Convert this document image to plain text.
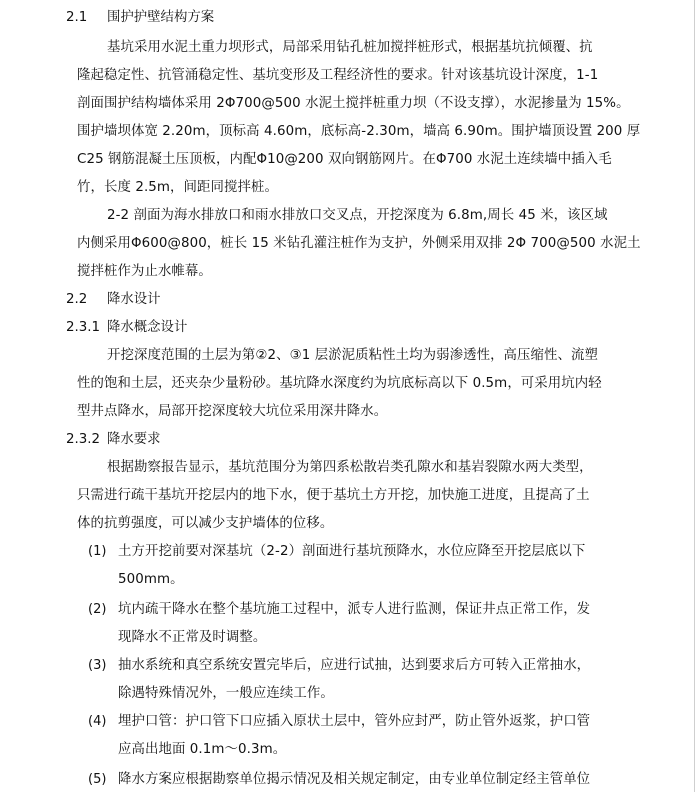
2.1 围护护壁结构方案
基坑采用水泥土重力坝形式，局部采用钻孔桩加搅拌桩形式，根据基坑抗倾覆、抗
隆起稳定性、抗管涌稳定性、基坑变形及工程经济性的要求。针对该基坑设计深度，1-1
剖面围护结构墙体采用 2Φ700@500 水泥土搅拌桩重力坝（不设支撑），水泥掺量为 15%。
围护墙坝体宽 2.20m，顶标高 4.60m，底标高-2.30m，墙高 6.90m。围护墙顶设置 200 厚
C25 钢筋混凝土压顶板，内配Φ10@200 双向钢筋网片。在Φ700 水泥土连续墙中插入毛
竹，长度 2.5m，间距同搅拌桩。
2-2 剖面为海水排放口和雨水排放口交叉点，开挖深度为 6.8m,周长 45 米，该区域
内侧采用Φ600@800，桩长 15 米钻孔灌注桩作为支护，外侧采用双排 2Φ 700@500 水泥土
搅拌桩作为止水帷幕。
2.2 降水设计
2.3.1 降水概念设计
开挖深度范围的土层为第②2、③1 层淤泥质粘性土均为弱渗透性，高压缩性、流塑
性的饱和土层，还夹杂少量粉砂。基坑降水深度约为坑底标高以下 0.5m，可采用坑内轻
型井点降水，局部开挖深度较大坑位采用深井降水。
2.3.2 降水要求
根据勘察报告显示，基坑范围分为第四系松散岩类孔隙水和基岩裂隙水两大类型，
只需进行疏干基坑开挖层内的地下水，便于基坑土方开挖，加快施工进度，且提高了土
体的抗剪强度，可以减少支护墙体的位移。
(1) 土方开挖前要对深基坑（2-2）剖面进行基坑预降水，水位应降至开挖层底以下
500mm。
(2) 坑内疏干降水在整个基坑施工过程中，派专人进行监测，保证井点正常工作，发
现降水不正常及时调整。
(3) 抽水系统和真空系统安置完毕后，应进行试抽，达到要求后方可转入正常抽水，
除遇特殊情况外，一般应连续工作。
(4) 埋护口管：护口管下口应插入原状土层中，管外应封严，防止管外返浆，护口管
应高出地面 0.1m～0.3m。
(5) 降水方案应根据勘察单位揭示情况及相关规定制定，由专业单位制定经主管单位
